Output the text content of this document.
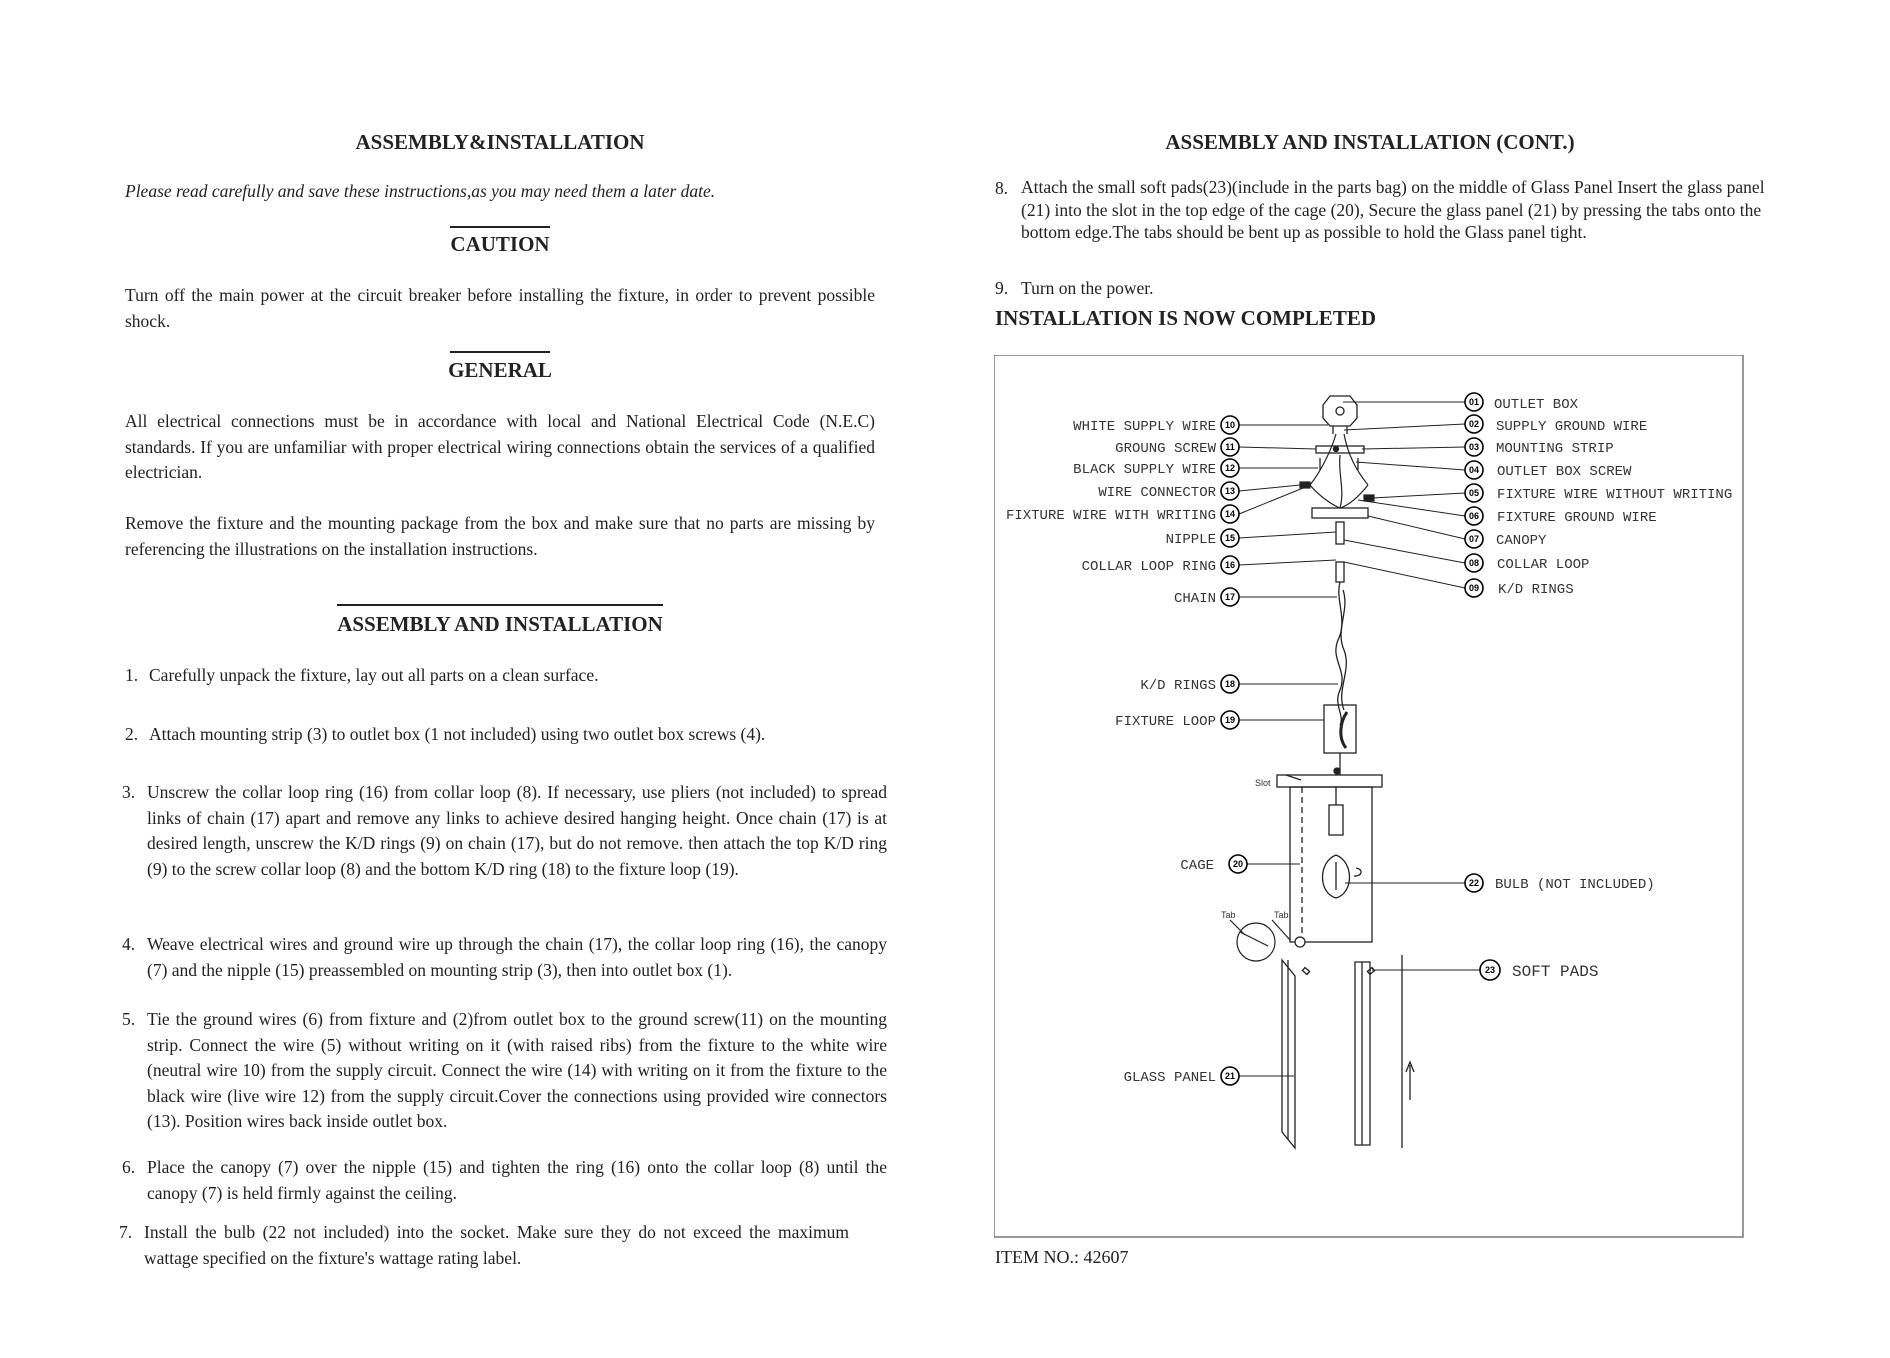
ASSEMBLY&INSTALLATION
Please read carefully and save these instructions,as you may need them a later date.
CAUTION
Turn off the main power at the circuit breaker before installing the fixture, in order to prevent possible shock.
GENERAL
All electrical connections must be in accordance with local and National Electrical Code (N.E.C) standards. If you are unfamiliar with proper electrical wiring connections obtain the services of a qualified electrician.
Remove the fixture and the mounting package from the box and make sure that no parts are missing by referencing the illustrations on the installation instructions.
ASSEMBLY AND INSTALLATION
1. Carefully unpack the fixture, lay out all parts on a clean surface.
2. Attach mounting strip (3) to outlet box (1 not included) using two outlet box screws (4).
3. Unscrew the collar loop ring (16) from collar loop (8). If necessary, use pliers (not included) to spread links of chain (17) apart and remove any links to achieve desired hanging height. Once chain (17) is at desired length, unscrew the K/D rings (9) on chain (17), but do not remove. then attach the top K/D ring (9) to the screw collar loop (8) and the bottom K/D ring (18) to the fixture loop (19).
4. Weave electrical wires and ground wire up through the chain (17), the collar loop ring (16), the canopy (7) and the nipple (15) preassembled on mounting strip (3), then into outlet box (1).
5. Tie the ground wires (6) from fixture and (2)from outlet box to the ground screw(11) on the mounting strip. Connect the wire (5) without writing on it (with raised ribs) from the fixture to the white wire (neutral wire 10) from the supply circuit. Connect the wire (14) with writing on it from the fixture to the black wire (live wire 12) from the supply circuit.Cover the connections using provided wire connectors (13). Position wires back inside outlet box.
6. Place the canopy (7) over the nipple (15) and tighten the ring (16) onto the collar loop (8) until the canopy (7) is held firmly against the ceiling.
7. Install the bulb (22 not included) into the socket. Make sure they do not exceed the maximum wattage specified on the fixture's wattage rating label.
ASSEMBLY AND INSTALLATION (CONT.)
8. Attach the small soft pads(23)(include in the parts bag) on the middle of Glass Panel Insert the glass panel (21) into the slot in the top edge of the cage (20), Secure the glass panel (21) by pressing the tabs onto the bottom edge.The tabs should be bent up as possible to hold the Glass panel tight.
9. Turn on the power.
INSTALLATION IS NOW COMPLETED
ITEM NO.: 42607
10
WHITE SUPPLY WIRE
11
GROUNG SCREW
12
BLACK SUPPLY WIRE
13
WIRE CONNECTOR
14
FIXTURE WIRE WITH WRITING
15
NIPPLE
16
COLLAR LOOP RING
17
CHAIN
18
K/D RINGS
19
FIXTURE LOOP
20
CAGE
21
GLASS PANEL
01 OUTLET BOX
02 SUPPLY GROUND WIRE
03 MOUNTING STRIP
04 OUTLET BOX SCREW
05 FIXTURE WIRE WITHOUT WRITING
06 FIXTURE GROUND WIRE
07 CANOPY
08 COLLAR LOOP
09 K/D RINGS
22 BULB (NOT INCLUDED)
23 SOFT PADS
Slot
Tab	Tab
